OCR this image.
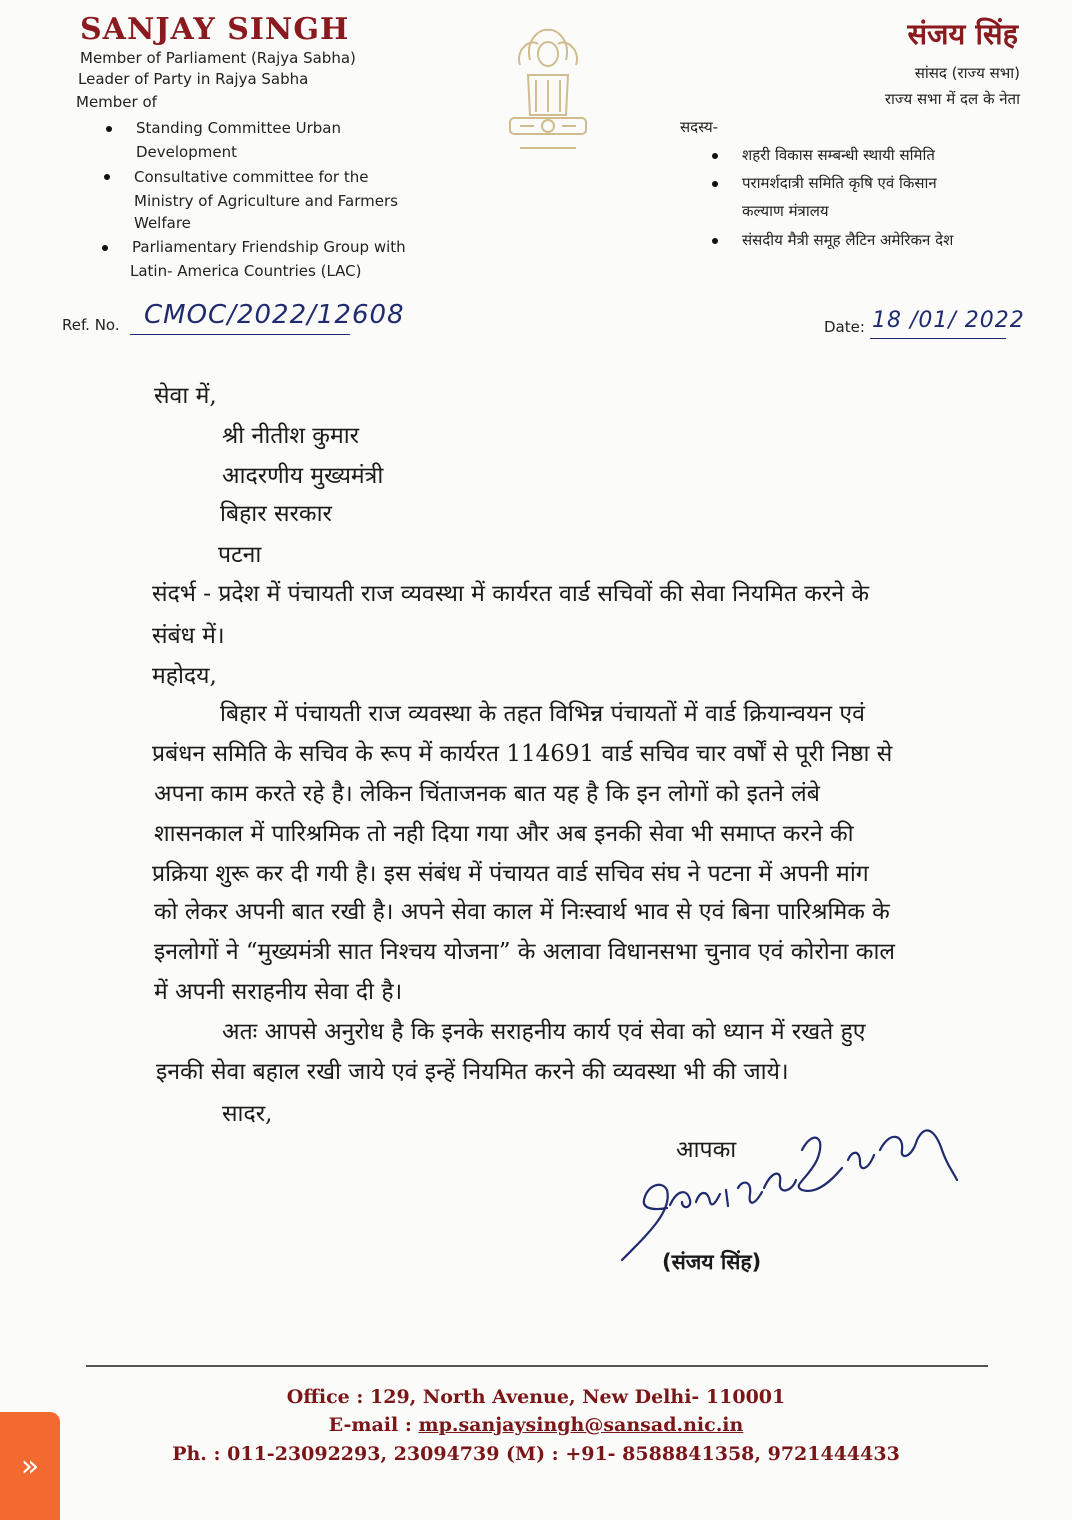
SANJAY SINGH
Member of Parliament (Rajya Sabha)
Leader of Party in Rajya Sabha
Member of
Standing Committee Urban
Development
Consultative committee for the
Ministry of Agriculture and Farmers
Welfare
Parliamentary Friendship Group with
Latin- America Countries (LAC)
संजय सिंह
सांसद (राज्य सभा)
राज्य सभा में दल के नेता
सदस्य-
शहरी विकास सम्बन्धी स्थायी समिति
परामर्शदात्री समिति कृषि एवं किसान
कल्याण मंत्रालय
संसदीय मैत्री समूह लैटिन अमेरिकन देश
Ref. No. CMOC/2022/12608	Date: 18 /01/ 2022
सेवा में,
श्री नीतीश कुमार
आदरणीय मुख्यमंत्री
बिहार सरकार
पटना
संदर्भ - प्रदेश में पंचायती राज व्यवस्था में कार्यरत वार्ड सचिवों की सेवा नियमित करने के
संबंध में।
महोदय,
बिहार में पंचायती राज व्यवस्था के तहत विभिन्न पंचायतों में वार्ड क्रियान्वयन एवं
प्रबंधन समिति के सचिव के रूप में कार्यरत 114691 वार्ड सचिव चार वर्षों से पूरी निष्ठा से
अपना काम करते रहे है। लेकिन चिंताजनक बात यह है कि इन लोगों को इतने लंबे
शासनकाल में पारिश्रमिक तो नही दिया गया और अब इनकी सेवा भी समाप्त करने की
प्रक्रिया शुरू कर दी गयी है। इस संबंध में पंचायत वार्ड सचिव संघ ने पटना में अपनी मांग
को लेकर अपनी बात रखी है। अपने सेवा काल में निःस्वार्थ भाव से एवं बिना पारिश्रमिक के
इनलोगों ने “मुख्यमंत्री सात निश्चय योजना” के अलावा विधानसभा चुनाव एवं कोरोना काल
में अपनी सराहनीय सेवा दी है।
अतः आपसे अनुरोध है कि इनके सराहनीय कार्य एवं सेवा को ध्यान में रखते हुए
इनकी सेवा बहाल रखी जाये एवं इन्हें नियमित करने की व्यवस्था भी की जाये।
सादर,
आपका
(संजय सिंह)
Office : 129, North Avenue, New Delhi- 110001
E-mail : mp.sanjaysingh@sansad.nic.in
Ph. : 011-23092293, 23094739 (M) : +91- 8588841358, 9721444433
»
